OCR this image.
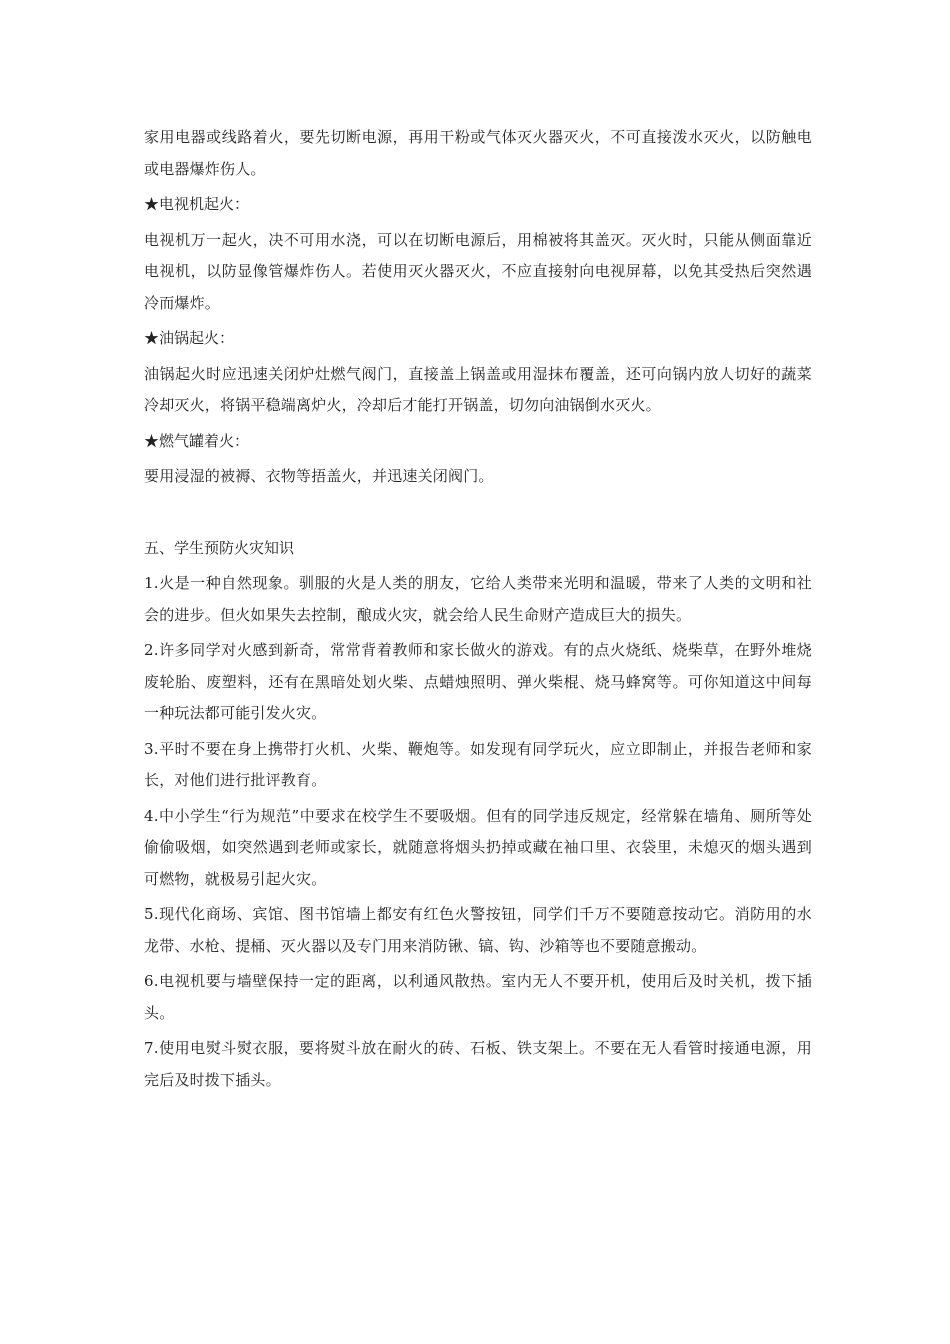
家用电器或线路着火，要先切断电源，再用干粉或气体灭火器灭火，不可直接泼水灭火，以防触电或电器爆炸伤人。

★电视机起火：

电视机万一起火，决不可用水浇，可以在切断电源后，用棉被将其盖灭。灭火时，只能从侧面靠近电视机，以防显像管爆炸伤人。若使用灭火器灭火，不应直接射向电视屏幕，以免其受热后突然遇冷而爆炸。

★油锅起火：

油锅起火时应迅速关闭炉灶燃气阀门，直接盖上锅盖或用湿抹布覆盖，还可向锅内放人切好的蔬菜冷却灭火，将锅平稳端离炉火，冷却后才能打开锅盖，切勿向油锅倒水灭火。

★燃气罐着火：

要用浸湿的被褥、衣物等捂盖火，并迅速关闭阀门。

五、学生预防火灾知识

1.火是一种自然现象。驯服的火是人类的朋友，它给人类带来光明和温暖，带来了人类的文明和社会的进步。但火如果失去控制，酿成火灾，就会给人民生命财产造成巨大的损失。

2.许多同学对火感到新奇，常常背着教师和家长做火的游戏。有的点火烧纸、烧柴草，在野外堆烧废轮胎、废塑料，还有在黑暗处划火柴、点蜡烛照明、弹火柴棍、烧马蜂窝等。可你知道这中间每一种玩法都可能引发火灾。

3.平时不要在身上携带打火机、火柴、鞭炮等。如发现有同学玩火，应立即制止，并报告老师和家长，对他们进行批评教育。

4.中小学生“行为规范”中要求在校学生不要吸烟。但有的同学违反规定，经常躲在墙角、厕所等处偷偷吸烟，如突然遇到老师或家长，就随意将烟头扔掉或藏在袖口里、衣袋里，未熄灭的烟头遇到可燃物，就极易引起火灾。

5.现代化商场、宾馆、图书馆墙上都安有红色火警按钮，同学们千万不要随意按动它。消防用的水龙带、水枪、提桶、灭火器以及专门用来消防锹、镐、钩、沙箱等也不要随意搬动。

6.电视机要与墙壁保持一定的距离，以利通风散热。室内无人不要开机，使用后及时关机，拨下插头。

7.使用电熨斗熨衣服，要将熨斗放在耐火的砖、石板、铁支架上。不要在无人看管时接通电源，用完后及时拨下插头。
